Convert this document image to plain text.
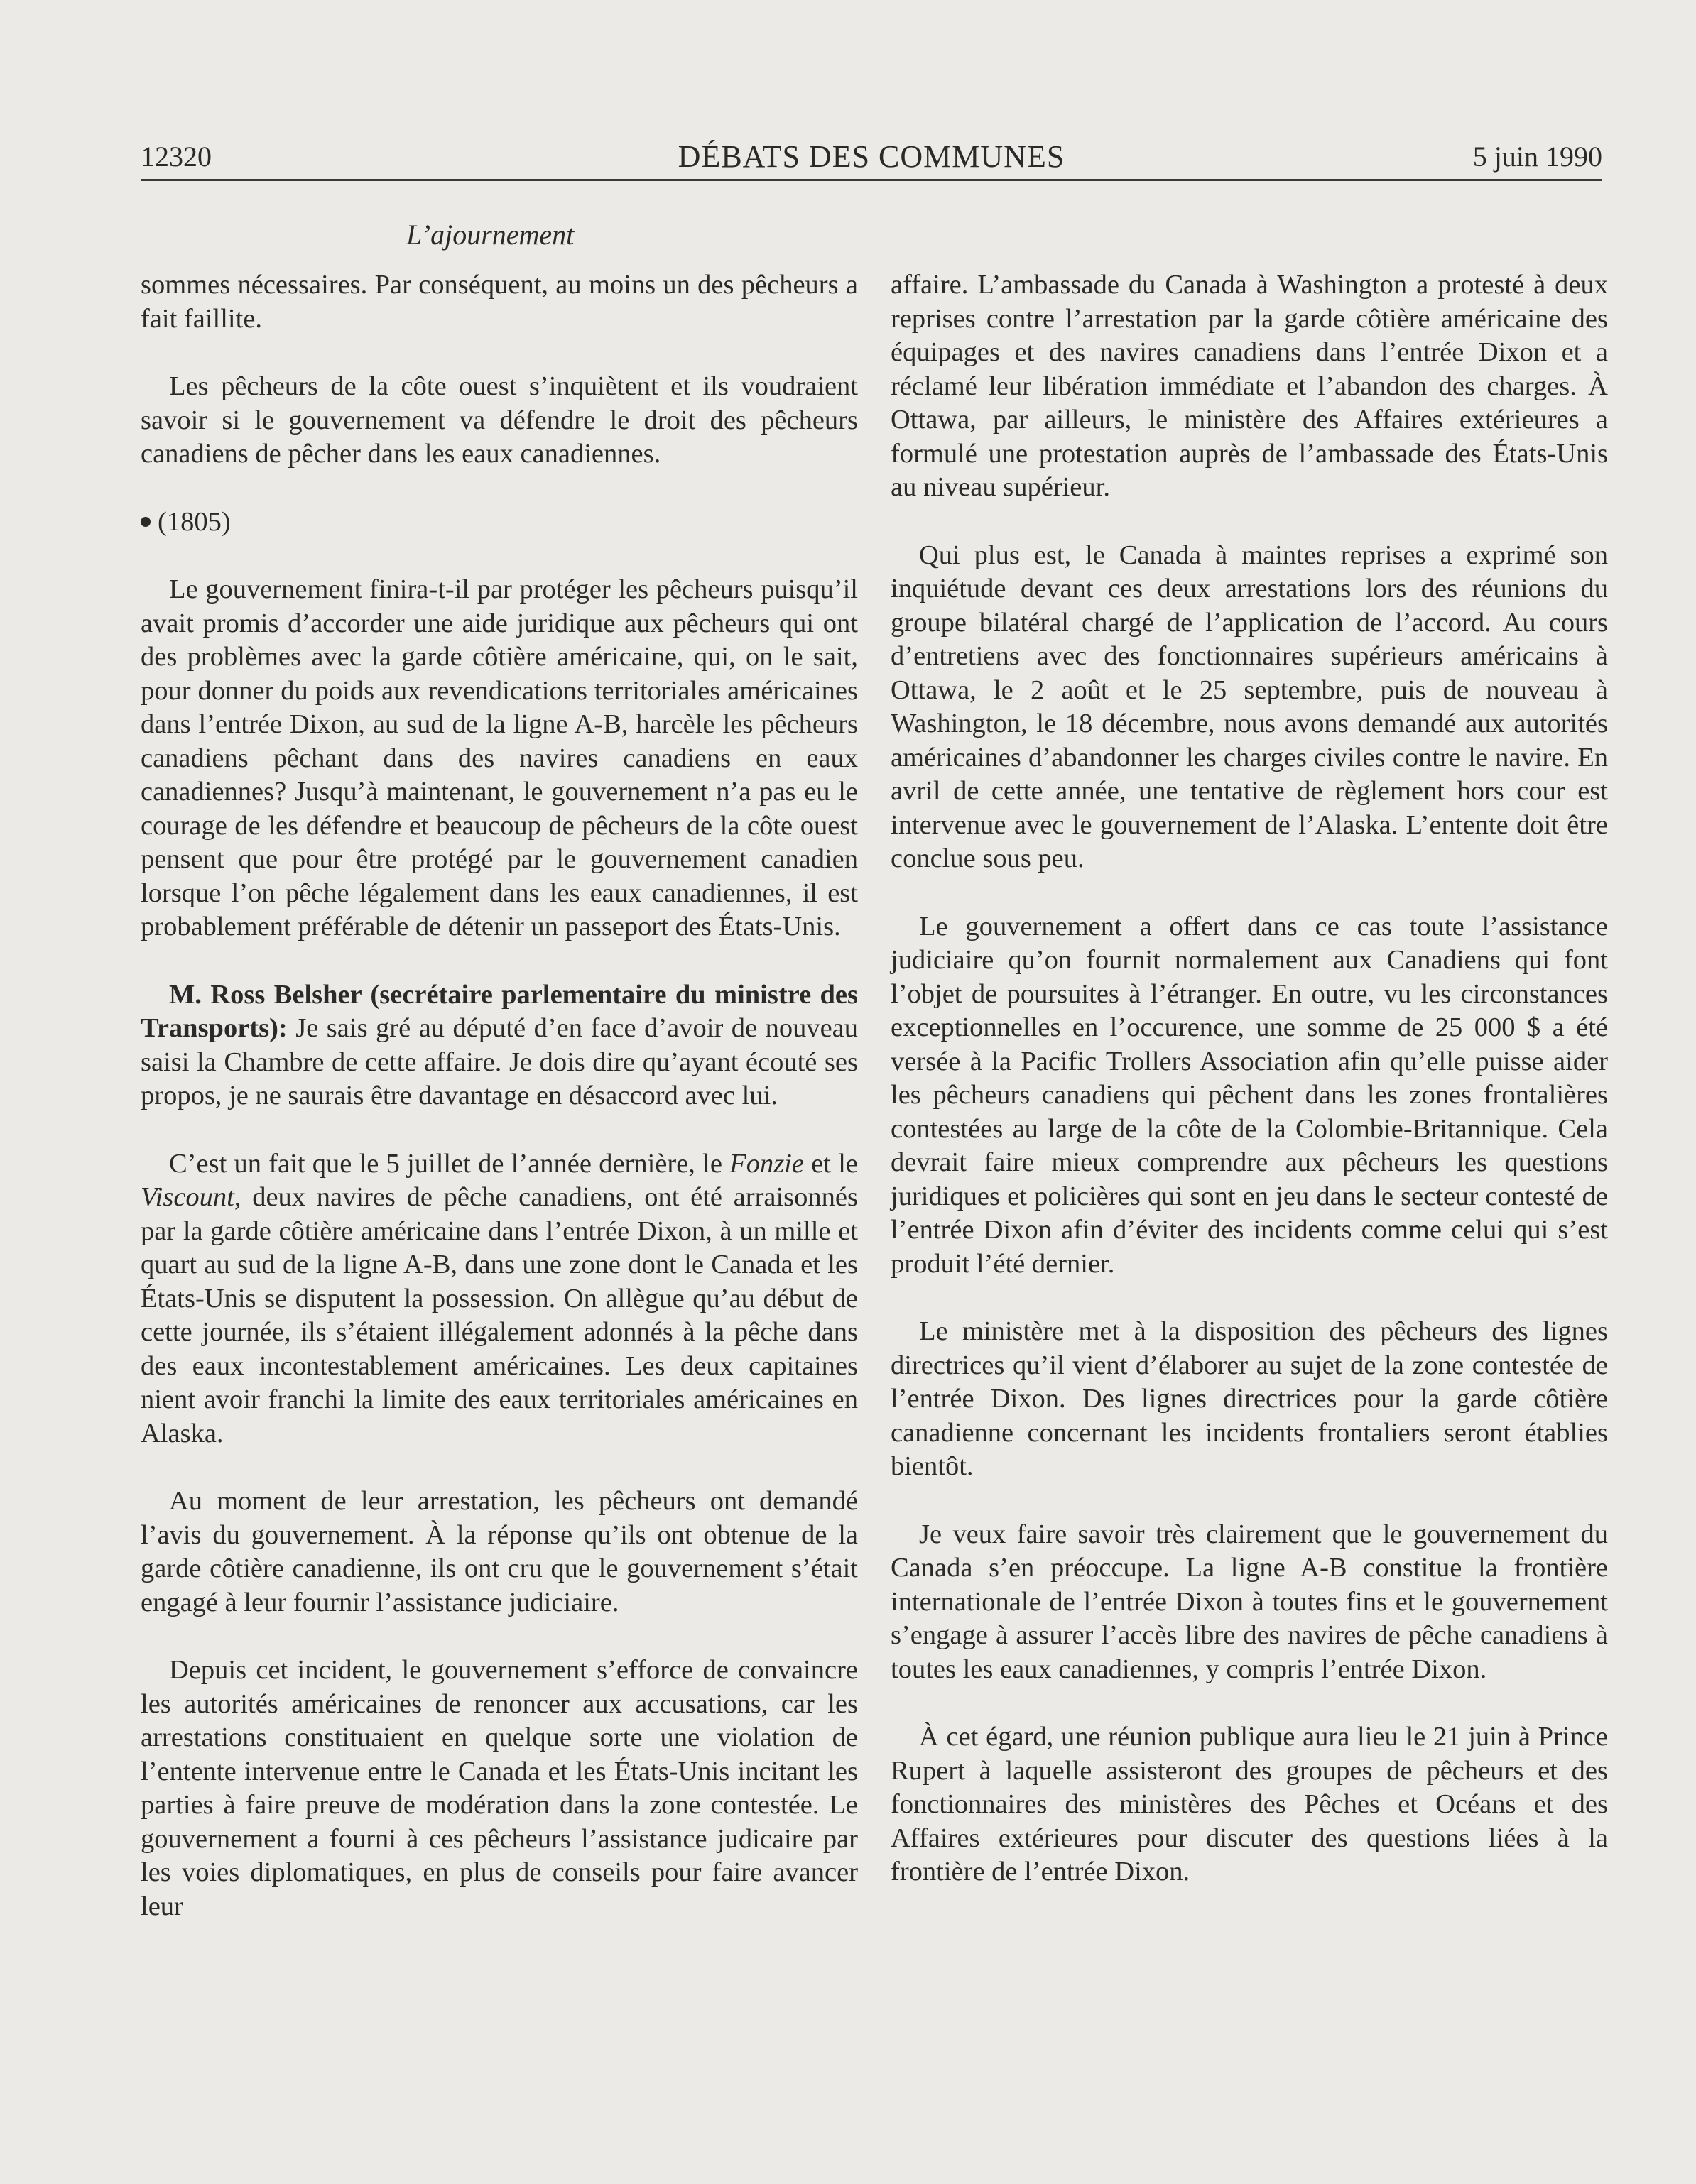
12320	DÉBATS DES COMMUNES	5 juin 1990
L’ajournement

sommes nécessaires. Par conséquent, au moins un des pêcheurs a fait faillite.

Les pêcheurs de la côte ouest s’inquiètent et ils voudraient savoir si le gouvernement va défendre le droit des pêcheurs canadiens de pêcher dans les eaux canadiennes.

(1805)

Le gouvernement finira-t-il par protéger les pêcheurs puisqu’il avait promis d’accorder une aide juridique aux pêcheurs qui ont des problèmes avec la garde côtière américaine, qui, on le sait, pour donner du poids aux revendications territoriales américaines dans l’entrée Dixon, au sud de la ligne A-B, harcèle les pêcheurs canadiens pêchant dans des navires canadiens en eaux canadiennes? Jusqu’à maintenant, le gouvernement n’a pas eu le courage de les défendre et beaucoup de pêcheurs de la côte ouest pensent que pour être protégé par le gouvernement canadien lorsque l’on pêche légalement dans les eaux canadiennes, il est probablement préférable de détenir un passeport des États-Unis.

M. Ross Belsher (secrétaire parlementaire du ministre des Transports): Je sais gré au député d’en face d’avoir de nouveau saisi la Chambre de cette affaire. Je dois dire qu’ayant écouté ses propos, je ne saurais être davantage en désaccord avec lui.

C’est un fait que le 5 juillet de l’année dernière, le Fonzie et le Viscount, deux navires de pêche canadiens, ont été arraisonnés par la garde côtière américaine dans l’entrée Dixon, à un mille et quart au sud de la ligne A-B, dans une zone dont le Canada et les États-Unis se disputent la possession. On allègue qu’au début de cette journée, ils s’étaient illégalement adonnés à la pêche dans des eaux incontestablement américaines. Les deux capitaines nient avoir franchi la limite des eaux territoriales américaines en Alaska.

Au moment de leur arrestation, les pêcheurs ont demandé l’avis du gouvernement. À la réponse qu’ils ont obtenue de la garde côtière canadienne, ils ont cru que le gouvernement s’était engagé à leur fournir l’assistance judiciaire.

Depuis cet incident, le gouvernement s’efforce de convaincre les autorités américaines de renoncer aux accusations, car les arrestations constituaient en quelque sorte une violation de l’entente intervenue entre le Canada et les États-Unis incitant les parties à faire preuve de modération dans la zone contestée. Le gouvernement a fourni à ces pêcheurs l’assistance judicaire par les voies diplomatiques, en plus de conseils pour faire avancer leur

affaire. L’ambassade du Canada à Washington a protesté à deux reprises contre l’arrestation par la garde côtière américaine des équipages et des navires canadiens dans l’entrée Dixon et a réclamé leur libération immédiate et l’abandon des charges. À Ottawa, par ailleurs, le ministère des Affaires extérieures a formulé une protestation auprès de l’ambassade des États-Unis au niveau supérieur.

Qui plus est, le Canada à maintes reprises a exprimé son inquiétude devant ces deux arrestations lors des réunions du groupe bilatéral chargé de l’application de l’accord. Au cours d’entretiens avec des fonctionnaires supérieurs américains à Ottawa, le 2 août et le 25 septembre, puis de nouveau à Washington, le 18 décembre, nous avons demandé aux autorités américaines d’abandonner les charges civiles contre le navire. En avril de cette année, une tentative de règlement hors cour est intervenue avec le gouvernement de l’Alaska. L’entente doit être conclue sous peu.

Le gouvernement a offert dans ce cas toute l’assistance judiciaire qu’on fournit normalement aux Canadiens qui font l’objet de poursuites à l’étranger. En outre, vu les circonstances exceptionnelles en l’occurence, une somme de 25 000 $ a été versée à la Pacific Trollers Association afin qu’elle puisse aider les pêcheurs canadiens qui pêchent dans les zones frontalières contestées au large de la côte de la Colombie-Britannique. Cela devrait faire mieux comprendre aux pêcheurs les questions juridiques et policières qui sont en jeu dans le secteur contesté de l’entrée Dixon afin d’éviter des incidents comme celui qui s’est produit l’été dernier.

Le ministère met à la disposition des pêcheurs des lignes directrices qu’il vient d’élaborer au sujet de la zone contestée de l’entrée Dixon. Des lignes directrices pour la garde côtière canadienne concernant les incidents frontaliers seront établies bientôt.

Je veux faire savoir très clairement que le gouvernement du Canada s’en préoccupe. La ligne A-B constitue la frontière internationale de l’entrée Dixon à toutes fins et le gouvernement s’engage à assurer l’accès libre des navires de pêche canadiens à toutes les eaux canadiennes, y compris l’entrée Dixon.

À cet égard, une réunion publique aura lieu le 21 juin à Prince Rupert à laquelle assisteront des groupes de pêcheurs et des fonctionnaires des ministères des Pêches et Océans et des Affaires extérieures pour discuter des questions liées à la frontière de l’entrée Dixon.
